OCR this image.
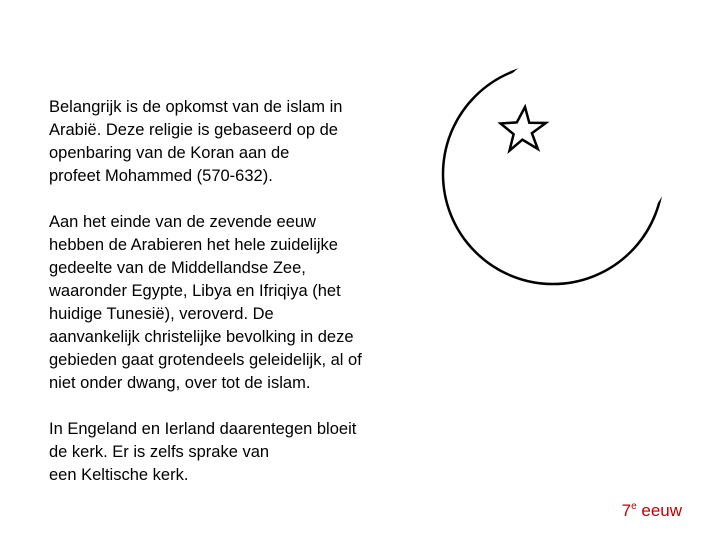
Belangrijk is de opkomst van de islam in
Arabië. Deze religie is gebaseerd op de
openbaring van de Koran aan de
profeet Mohammed (570-632).

Aan het einde van de zevende eeuw
hebben de Arabieren het hele zuidelijke
gedeelte van de Middellandse Zee,
waaronder Egypte, Libya en Ifriqiya (het
huidige Tunesië), veroverd. De
aanvankelijk christelijke bevolking in deze
gebieden gaat grotendeels geleidelijk, al of
niet onder dwang, over tot de islam.

In Engeland en Ierland daarentegen bloeit
de kerk. Er is zelfs sprake van
een Keltische kerk.

7e eeuw
